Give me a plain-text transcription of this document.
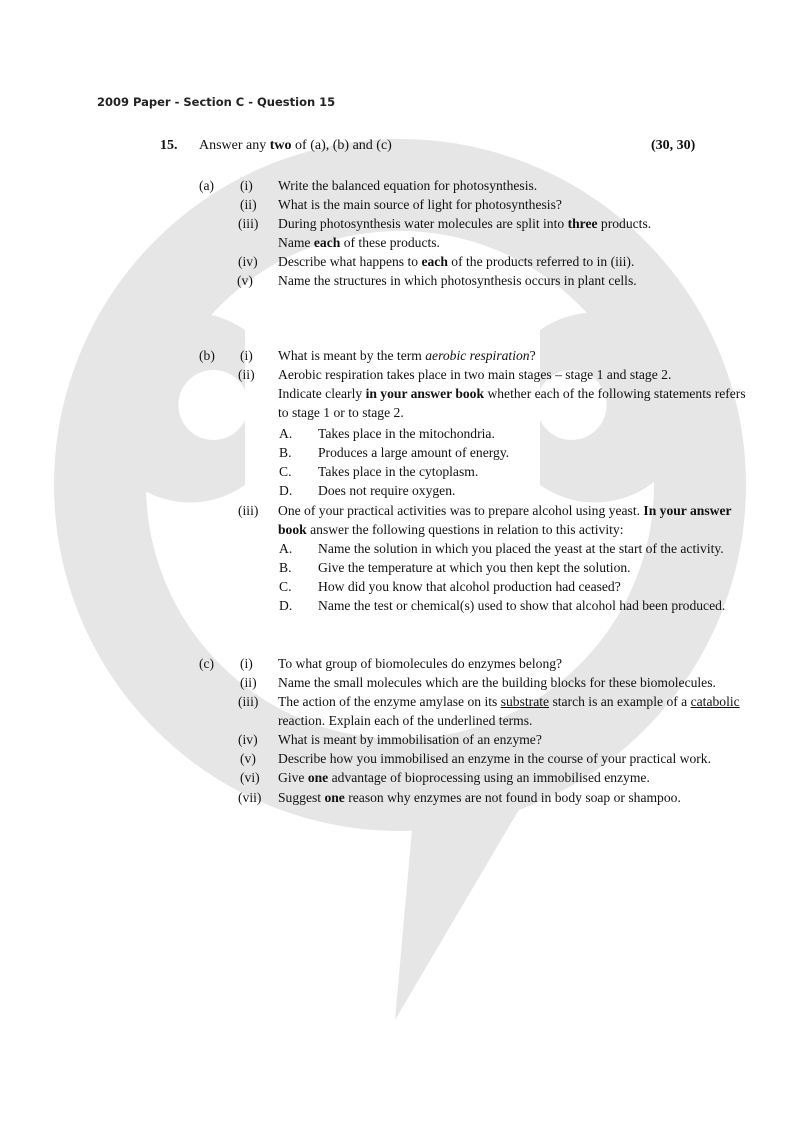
2009 Paper - Section C - Question 15
15. Answer any two of (a), (b) and (c)	(30, 30)
(a) (i) Write the balanced equation for photosynthesis.
(ii) What is the main source of light for photosynthesis?
(iii) During photosynthesis water molecules are split into three products.
Name each of these products.
(iv) Describe what happens to each of the products referred to in (iii).
(v) Name the structures in which photosynthesis occurs in plant cells.
(b) (i) What is meant by the term aerobic respiration?
(ii) Aerobic respiration takes place in two main stages – stage 1 and stage 2.
Indicate clearly in your answer book whether each of the following statements refers
to stage 1 or to stage 2.
A. Takes place in the mitochondria.
B. Produces a large amount of energy.
C. Takes place in the cytoplasm.
D. Does not require oxygen.
(iii) One of your practical activities was to prepare alcohol using yeast. In your answer
book answer the following questions in relation to this activity:
A. Name the solution in which you placed the yeast at the start of the activity.
B. Give the temperature at which you then kept the solution.
C. How did you know that alcohol production had ceased?
D. Name the test or chemical(s) used to show that alcohol had been produced.
(c) (i) To what group of biomolecules do enzymes belong?
(ii) Name the small molecules which are the building blocks for these biomolecules.
(iii) The action of the enzyme amylase on its substrate starch is an example of a catabolic
reaction. Explain each of the underlined terms.
(iv) What is meant by immobilisation of an enzyme?
(v) Describe how you immobilised an enzyme in the course of your practical work.
(vi) Give one advantage of bioprocessing using an immobilised enzyme.
(vii) Suggest one reason why enzymes are not found in body soap or shampoo.
